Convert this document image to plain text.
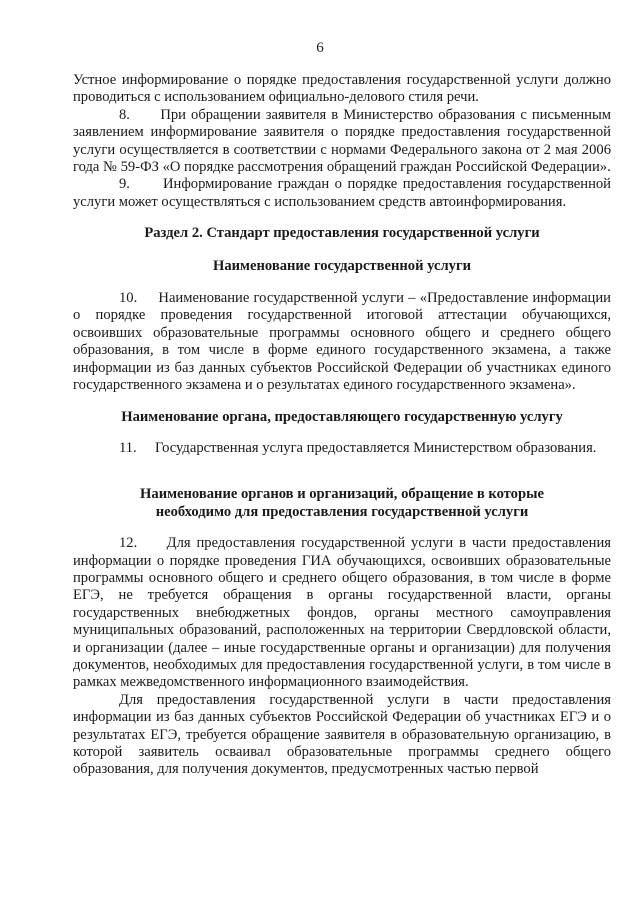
6

Устное информирование о порядке предоставления государственной услуги должно проводиться с использованием официально-делового стиля речи.

8.      При обращении заявителя в Министерство образования с письменным заявлением информирование заявителя о порядке предоставления государственной услуги осуществляется в соответствии с нормами Федерального закона от 2 мая 2006 года № 59-ФЗ «О порядке рассмотрения обращений граждан Российской Федерации».

9.      Информирование граждан о порядке предоставления государственной услуги может осуществляться с использованием средств автоинформирования.

Раздел 2. Стандарт предоставления государственной услуги

Наименование государственной услуги

10.     Наименование государственной услуги – «Предоставление информации о порядке проведения государственной итоговой аттестации обучающихся, освоивших образовательные программы основного общего и среднего общего образования, в том числе в форме единого государственного экзамена, а также информации из баз данных субъектов Российской Федерации об участниках единого государственного экзамена и о результатах единого государственного экзамена».

Наименование органа, предоставляющего государственную услугу

11.     Государственная услуга предоставляется Министерством образования.

Наименование органов и организаций, обращение в которые необходимо для предоставления государственной услуги

12.     Для предоставления государственной услуги в части предоставления информации о порядке проведения ГИА обучающихся, освоивших образовательные программы основного общего и среднего общего образования, в том числе в форме ЕГЭ, не требуется обращения в органы государственной власти, органы государственных внебюджетных фондов, органы местного самоуправления муниципальных образований, расположенных на территории Свердловской области, и организации (далее – иные государственные органы и организации) для получения документов, необходимых для предоставления государственной услуги, в том числе в рамках межведомственного информационного взаимодействия.

Для предоставления государственной услуги в части предоставления информации из баз данных субъектов Российской Федерации об участниках ЕГЭ и о результатах ЕГЭ, требуется обращение заявителя в образовательную организацию, в которой заявитель осваивал образовательные программы среднего общего образования, для получения документов, предусмотренных частью первой
